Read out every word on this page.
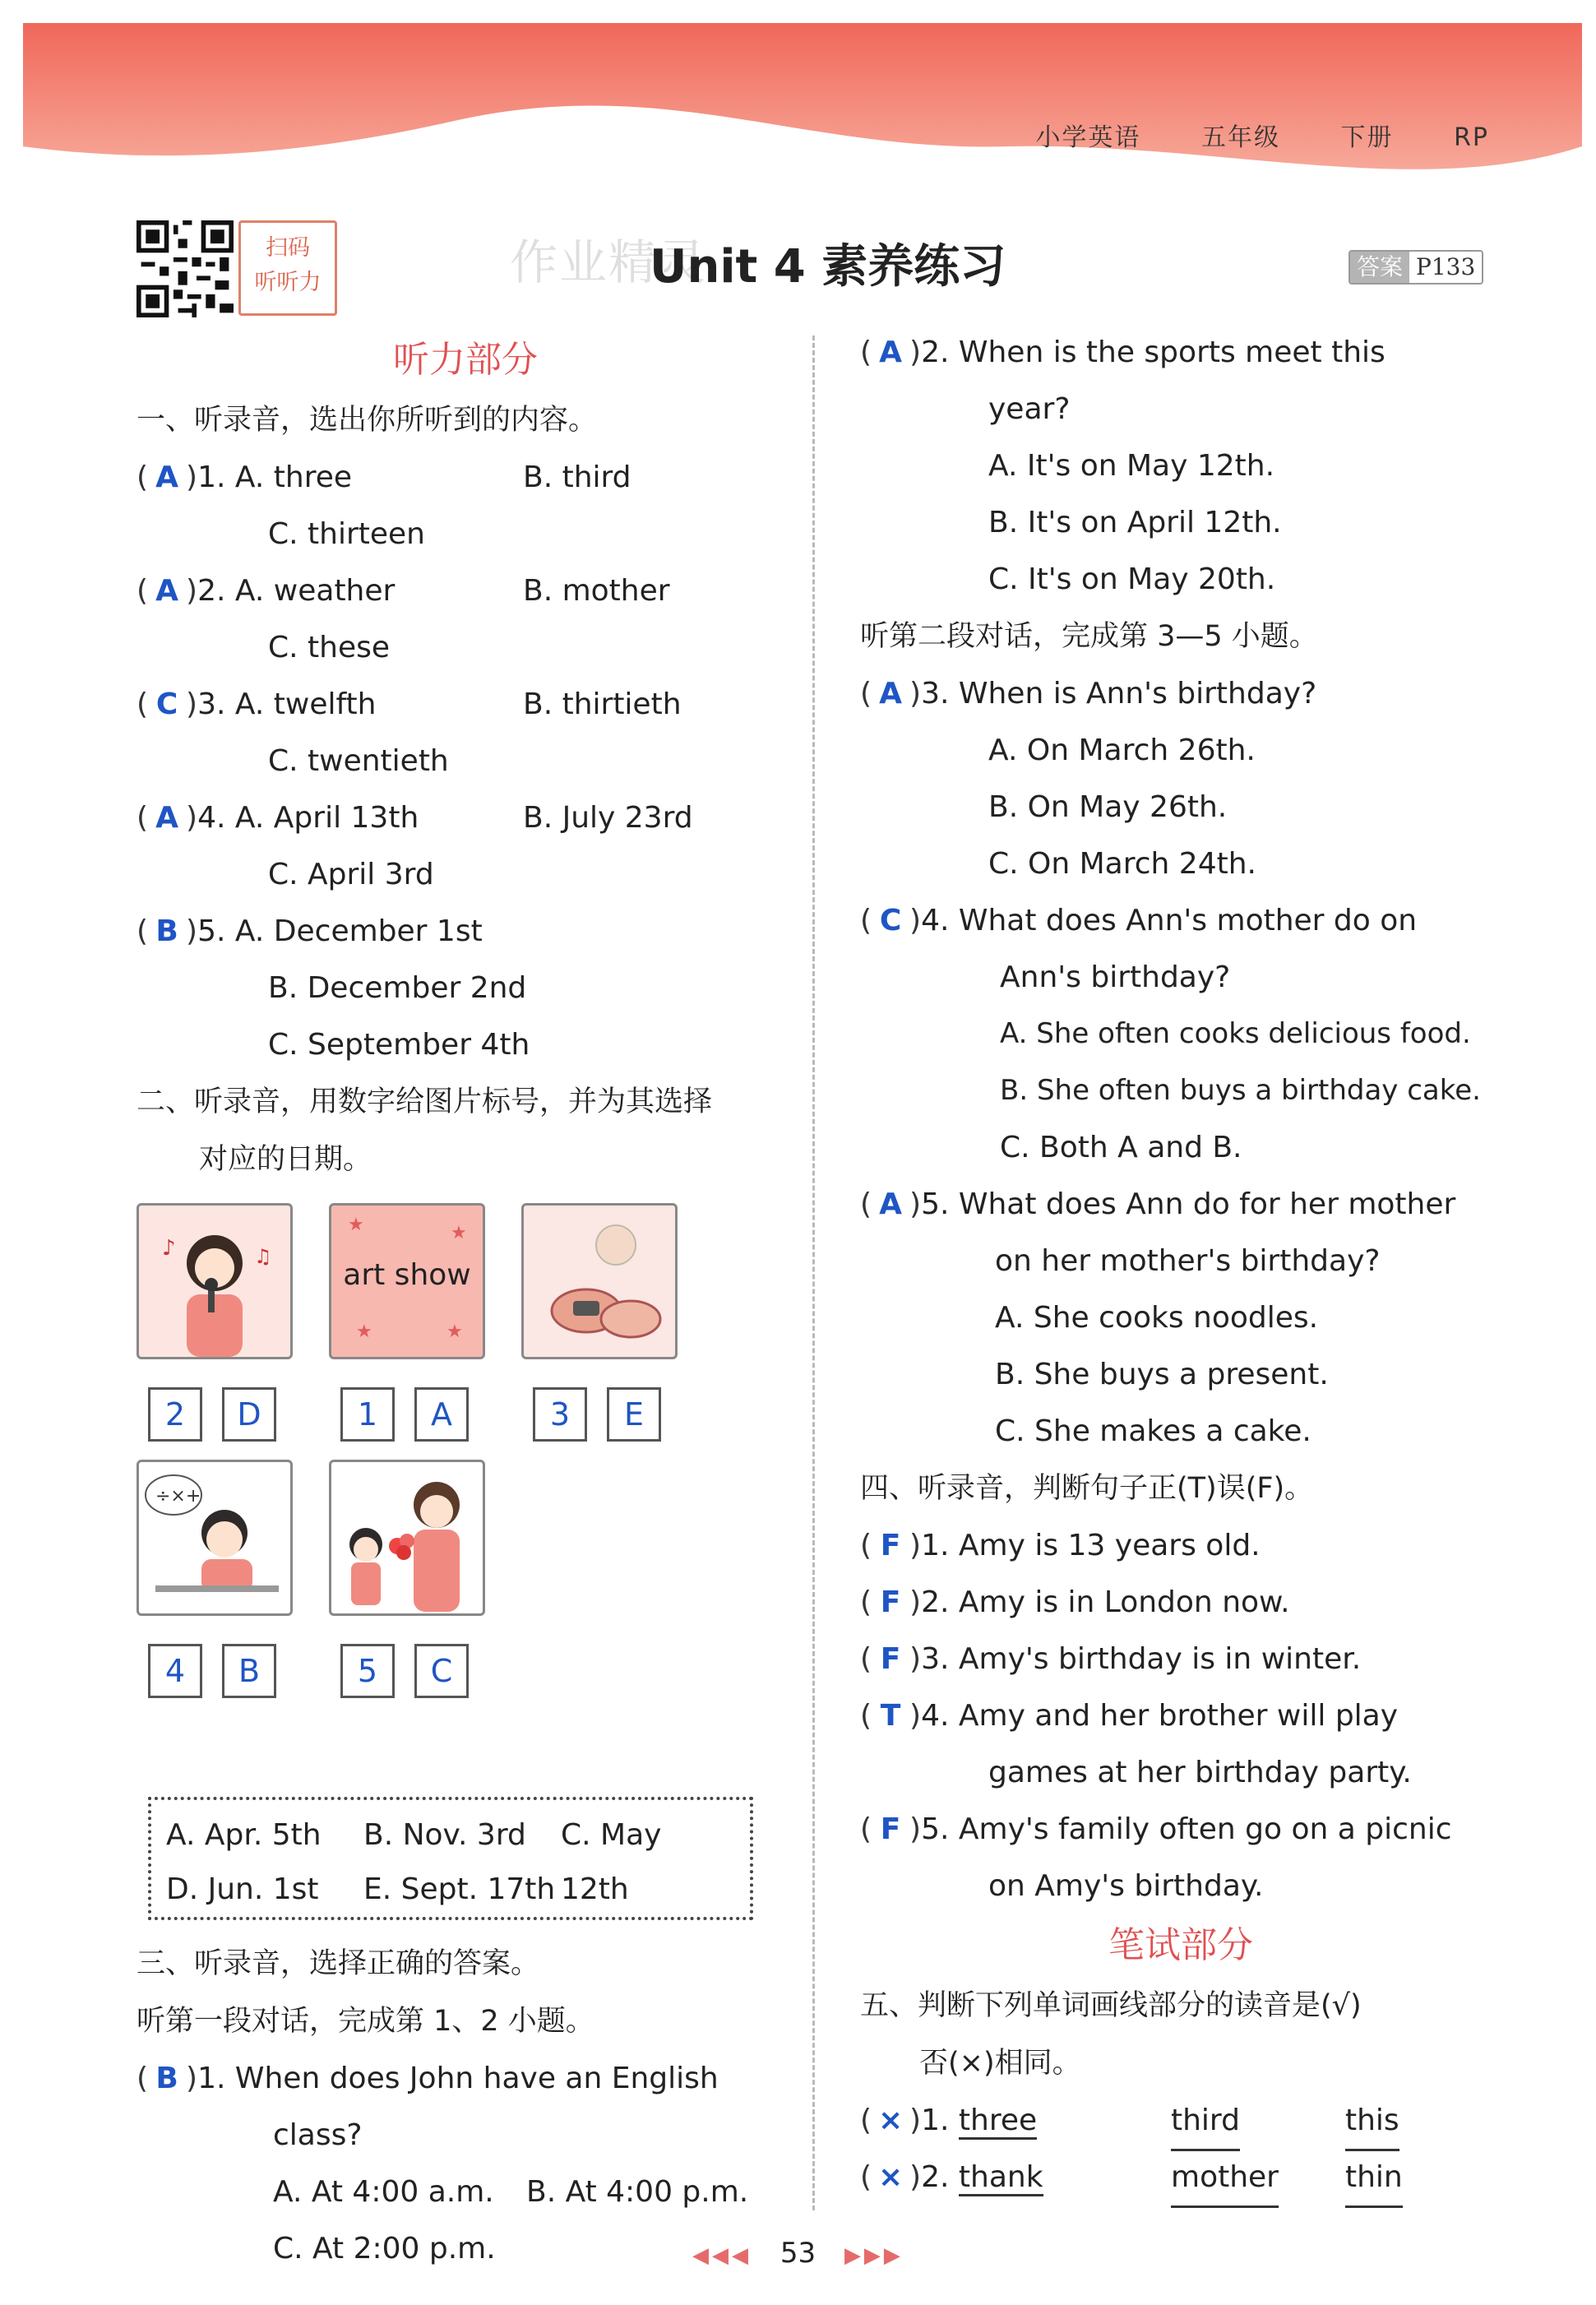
小学英语 五年级 下册 RP
扫码
听听力	作业精灵
Unit 4 素养练习	答案 P133
听力部分
一、听录音，选出你所听到的内容。
( A )1. A. three	B. third
C. thirteen
( A )2. A. weather	B. mother
C. these
( C )3. A. twelfth	B. thirtieth
C. twentieth
( A )4. A. April 13th	B. July 23rd
C. April 3rd
( B )5. A. December 1st
B. December 2nd
C. September 4th
二、听录音，用数字给图片标号，并为其选择
对应的日期。
♪	♫
★	★
★	★
art show
2	D	1	A	3	E
÷×+
4	B	5	C
A. Apr. 5th B. Nov. 3rd C. May 12th
D. Jun. 1st E. Sept. 17th
三、听录音，选择正确的答案。
听第一段对话，完成第 1、2 小题。
( B )1. When does John have an English
class?
A. At 4:00 a.m. B. At 4:00 p.m.
C. At 2:00 p.m.
( A )2. When is the sports meet this
year?
A. It's on May 12th.
B. It's on April 12th.
C. It's on May 20th.
听第二段对话，完成第 3—5 小题。
( A )3. When is Ann's birthday?
A. On March 26th.
B. On May 26th.
C. On March 24th.
( C )4. What does Ann's mother do on
Ann's birthday?
A. She often cooks delicious food.
B. She often buys a birthday cake.
C. Both A and B.
( A )5. What does Ann do for her mother
on her mother's birthday?
A. She cooks noodles.
B. She buys a present.
C. She makes a cake.
四、听录音，判断句子正(T)误(F)。
( F )1. Amy is 13 years old.
( F )2. Amy is in London now.
( F )3. Amy's birthday is in winter.
( T )4. Amy and her brother will play
games at her birthday party.
( F )5. Amy's family often go on a picnic
on Amy's birthday.
笔试部分
五、判断下列单词画线部分的读音是(√)
否(×)相同。
( × )1. three	third	this
( × )2. thank	mother thin
◀◀◀ 53 ▶▶▶
